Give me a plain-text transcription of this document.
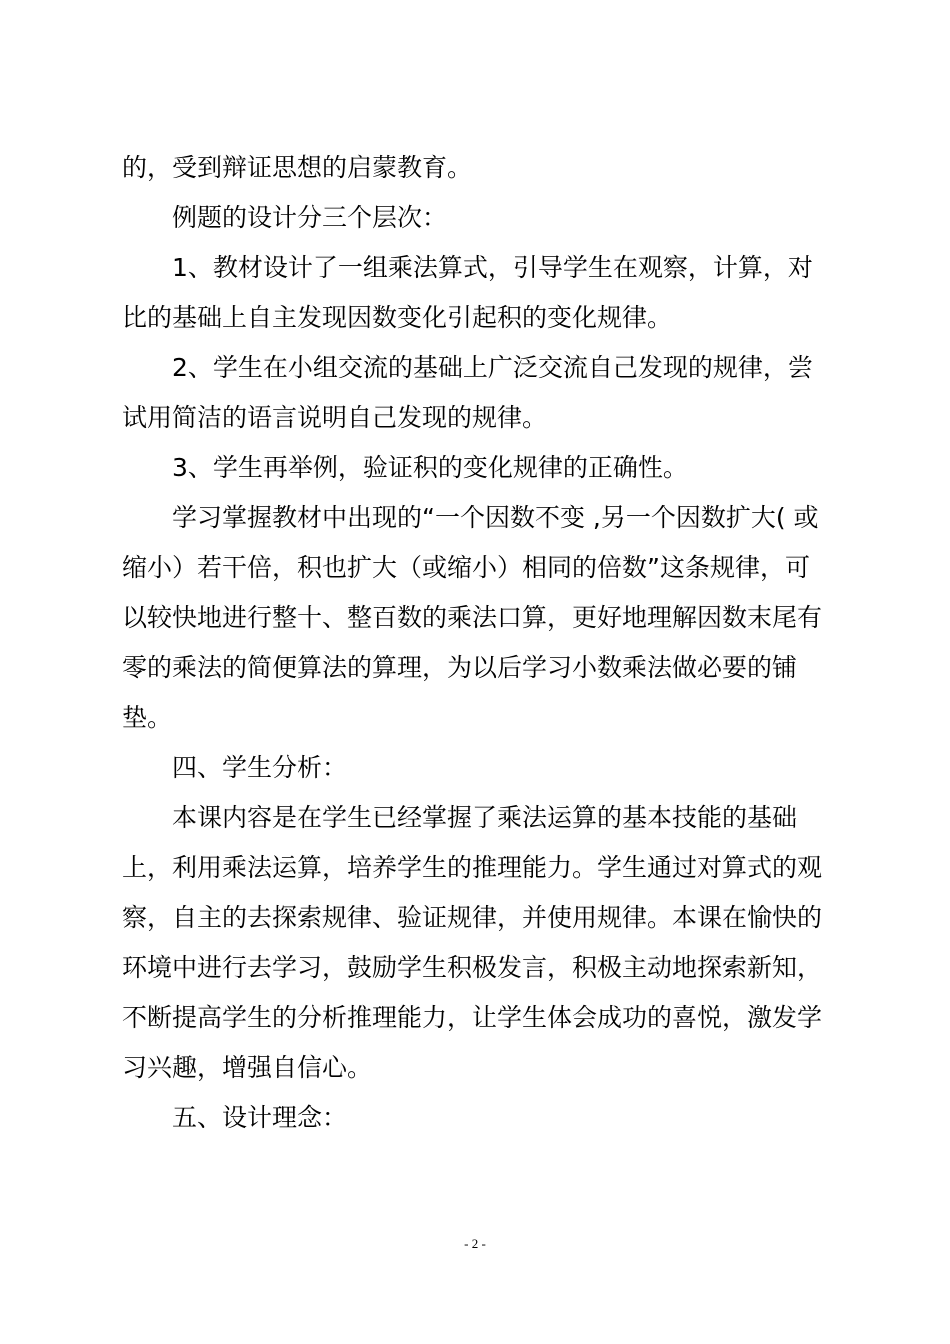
的，受到辩证思想的启蒙教育。
例题的设计分三个层次：
1、教材设计了一组乘法算式，引导学生在观察，计算，对
比的基础上自主发现因数变化引起积的变化规律。
2、学生在小组交流的基础上广泛交流自己发现的规律，尝
试用简洁的语言说明自己发现的规律。
3、学生再举例，验证积的变化规律的正确性。
学习掌握教材中出现的“一个因数不变 ,另一个因数扩大( 或
缩小）若干倍，积也扩大（或缩小）相同的倍数”这条规律，可
以较快地进行整十、整百数的乘法口算，更好地理解因数末尾有
零的乘法的简便算法的算理，为以后学习小数乘法做必要的铺
垫。
四、学生分析：
本课内容是在学生已经掌握了乘法运算的基本技能的基础
上，利用乘法运算，培养学生的推理能力。学生通过对算式的观
察，自主的去探索规律、验证规律，并使用规律。本课在愉快的
环境中进行去学习，鼓励学生积极发言，积极主动地探索新知，
不断提高学生的分析推理能力，让学生体会成功的喜悦，激发学
习兴趣，增强自信心。
五、设计理念：
- 2 -
